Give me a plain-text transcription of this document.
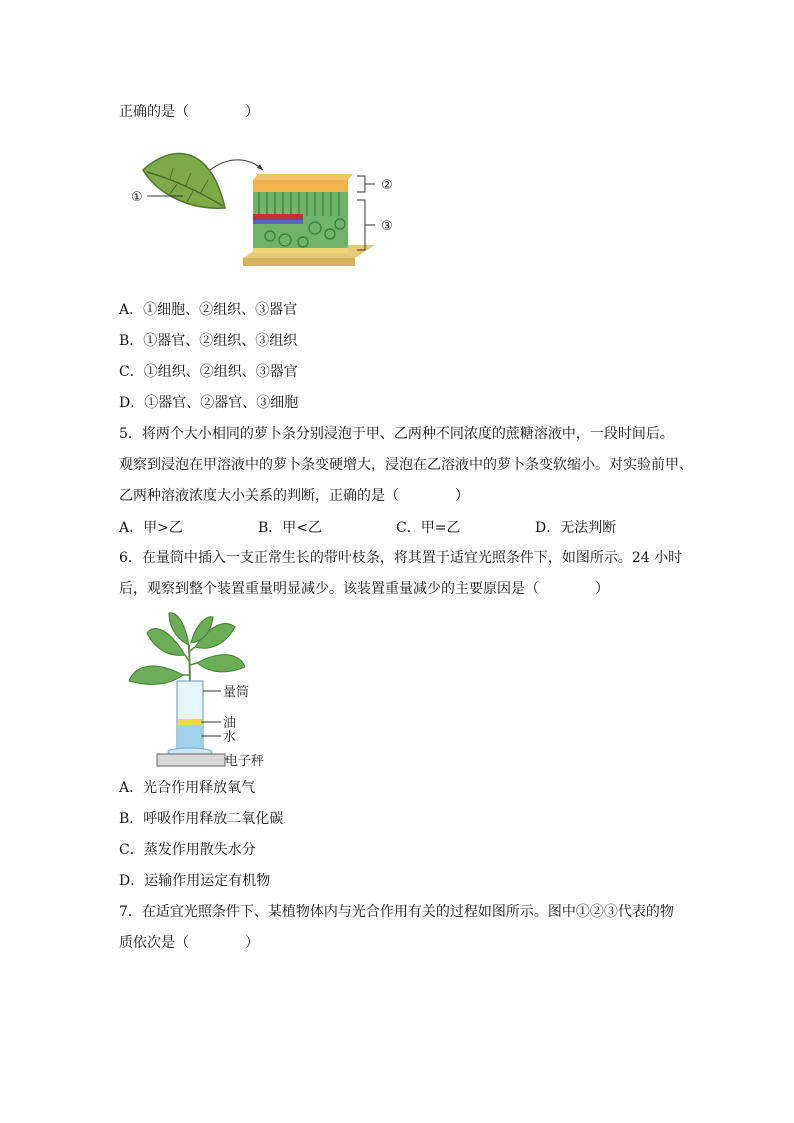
正确的是（　　　　）
①
②
③
A．①细胞、②组织、③器官
B．①器官、②组织、③组织
C．①组织、②组织、③器官
D．①器官、②器官、③细胞
5．将两个大小相同的萝卜条分别浸泡于甲、乙两种不同浓度的蔗糖溶液中，一段时间后。
观察到浸泡在甲溶液中的萝卜条变硬增大，浸泡在乙溶液中的萝卜条变软缩小。对实验前甲、
乙两种溶液浓度大小关系的判断，正确的是（　　　　）
A．甲>乙	B．甲<乙	C．甲=乙	D．无法判断
6．在量筒中插入一支正常生长的带叶枝条，将其置于适宜光照条件下，如图所示。24 小时
后，观察到整个装置重量明显减少。该装置重量减少的主要原因是（　　　　）
量筒
油
水
电子秤
A．光合作用释放氧气
B．呼吸作用释放二氧化碳
C．蒸发作用散失水分
D．运输作用运定有机物
7．在适宜光照条件下、某植物体内与光合作用有关的过程如图所示。图中①②③代表的物
质依次是（　　　　）
